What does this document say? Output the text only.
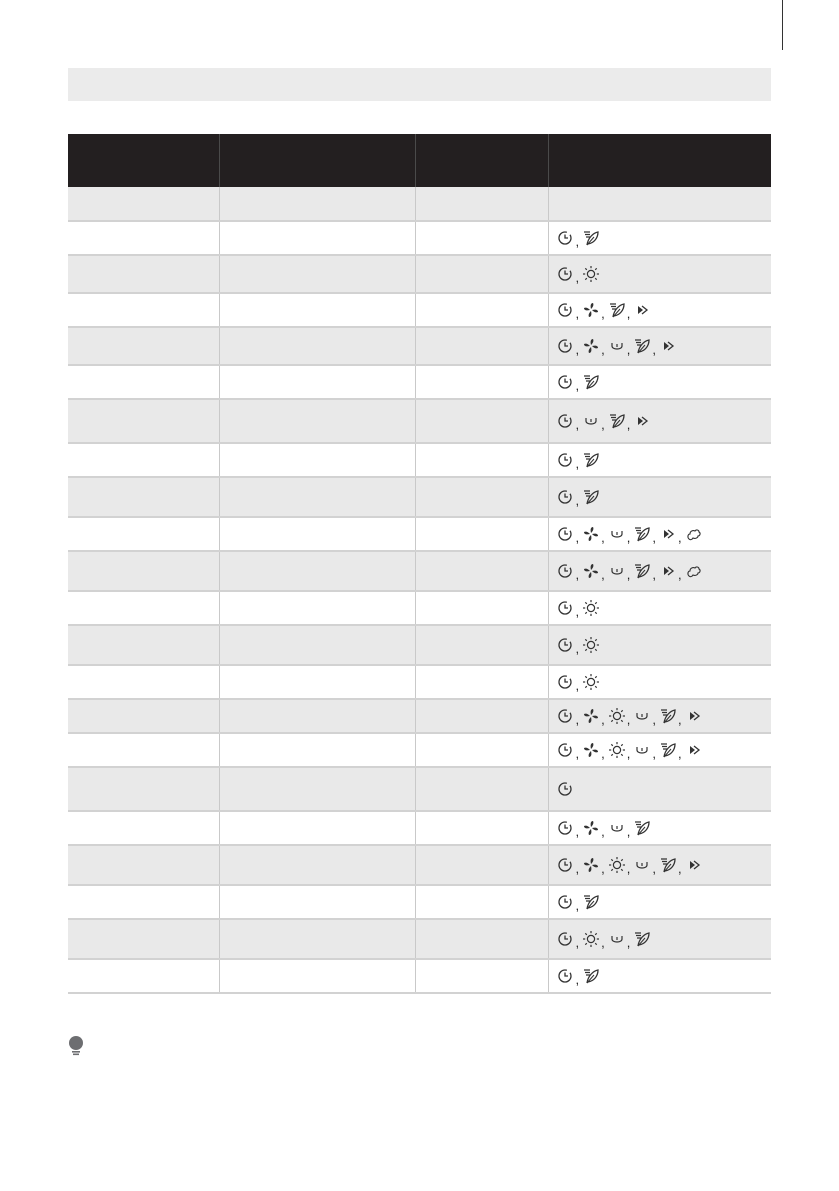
			,

			,

			, , ,

			, , , ,

			,

			, , ,

			,

			,

			, , , , ,

			, , , , ,

			,

			,

			,

			, , , , ,

			, , , , ,

			, , ,

			, , , , ,

			,

			, , ,

			,
